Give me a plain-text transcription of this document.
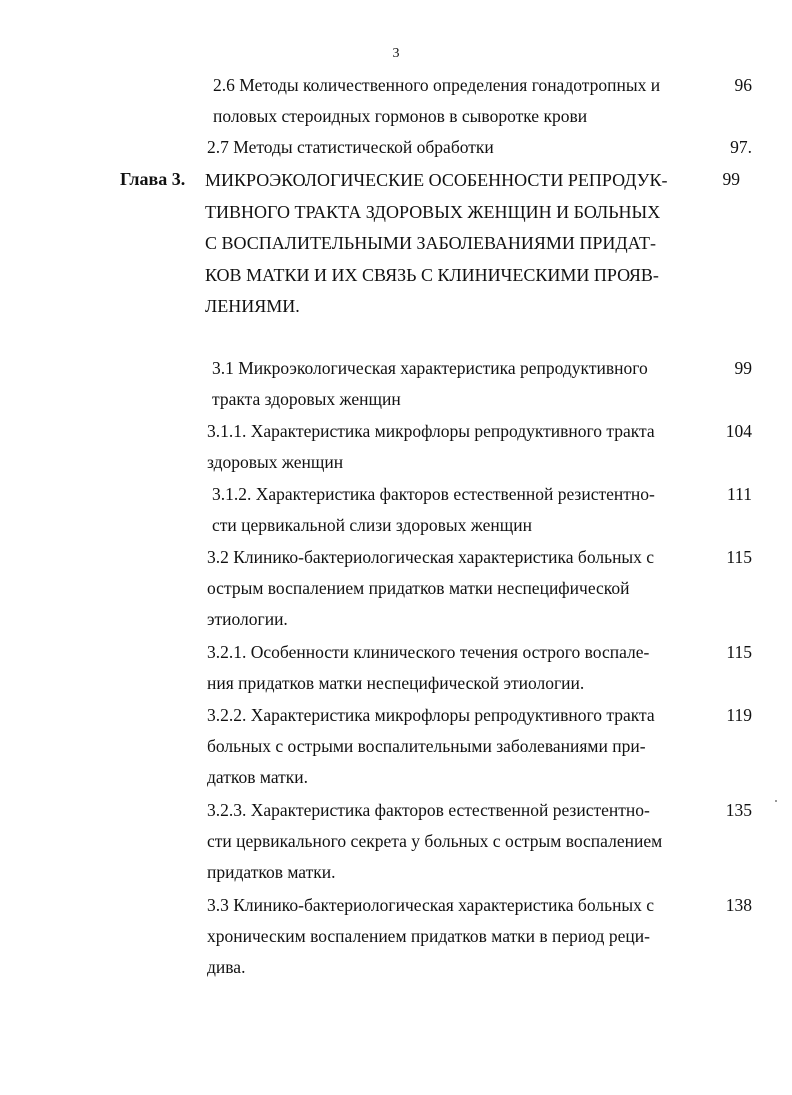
3
2.6 Методы количественного определения гонадотропных и
половых стероидных гормонов в сыворотке крови
96
2.7 Методы статистической обработки	97.
Глава 3. МИКРОЭКОЛОГИЧЕСКИЕ ОСОБЕННОСТИ РЕПРОДУК-
ТИВНОГО ТРАКТА ЗДОРОВЫХ ЖЕНЩИН И БОЛЬНЫХ
С ВОСПАЛИТЕЛЬНЫМИ ЗАБОЛЕВАНИЯМИ ПРИДАТ-
КОВ МАТКИ И ИХ СВЯЗЬ С КЛИНИЧЕСКИМИ ПРОЯВ-
ЛЕНИЯМИ.
99
3.1 Микроэкологическая характеристика репродуктивного
тракта здоровых женщин
99
3.1.1. Характеристика микрофлоры репродуктивного тракта
здоровых женщин
104
3.1.2. Характеристика факторов естественной резистентно-
сти цервикальной слизи здоровых женщин
111
3.2 Клинико-бактериологическая характеристика больных с
острым воспалением придатков матки неспецифической
этиологии.
115
3.2.1. Особенности клинического течения острого воспале-
ния придатков матки неспецифической этиологии.
115
3.2.2. Характеристика микрофлоры репродуктивного тракта
больных с острыми воспалительными заболеваниями при-
датков матки.
119
3.2.3. Характеристика факторов естественной резистентно-
сти цервикального секрета у больных с острым воспалением
придатков матки.
135
3.3 Клинико-бактериологическая характеристика больных с
хроническим воспалением придатков матки в период реци-
дива.
138
